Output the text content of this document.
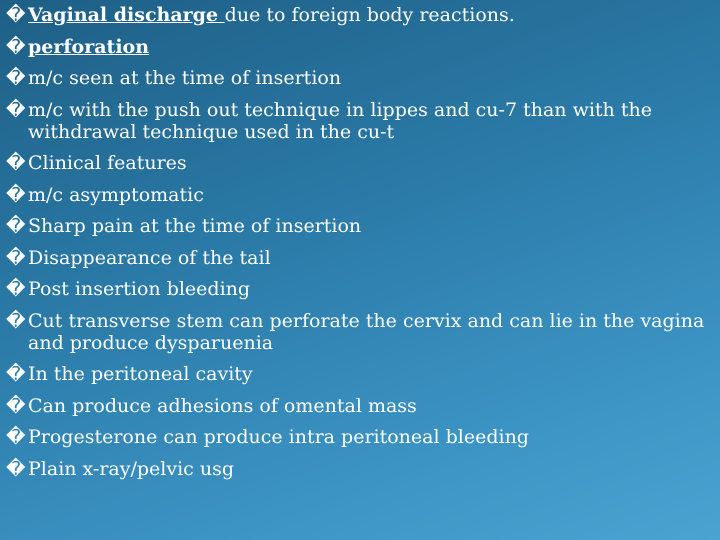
� Vaginal discharge due to foreign body reactions.
� perforation
� m/c seen at the time of insertion
� m/c with the push out technique in lippes and cu-7 than with the withdrawal technique used in the cu-t
� Clinical features
� m/c asymptomatic
� Sharp pain at the time of insertion
� Disappearance of the tail
� Post insertion bleeding
� Cut transverse stem can perforate the cervix and can lie in the vagina and produce dysparuenia
� In the peritoneal cavity
� Can produce adhesions of omental mass
� Progesterone can produce intra peritoneal bleeding
� Plain x-ray/pelvic usg
